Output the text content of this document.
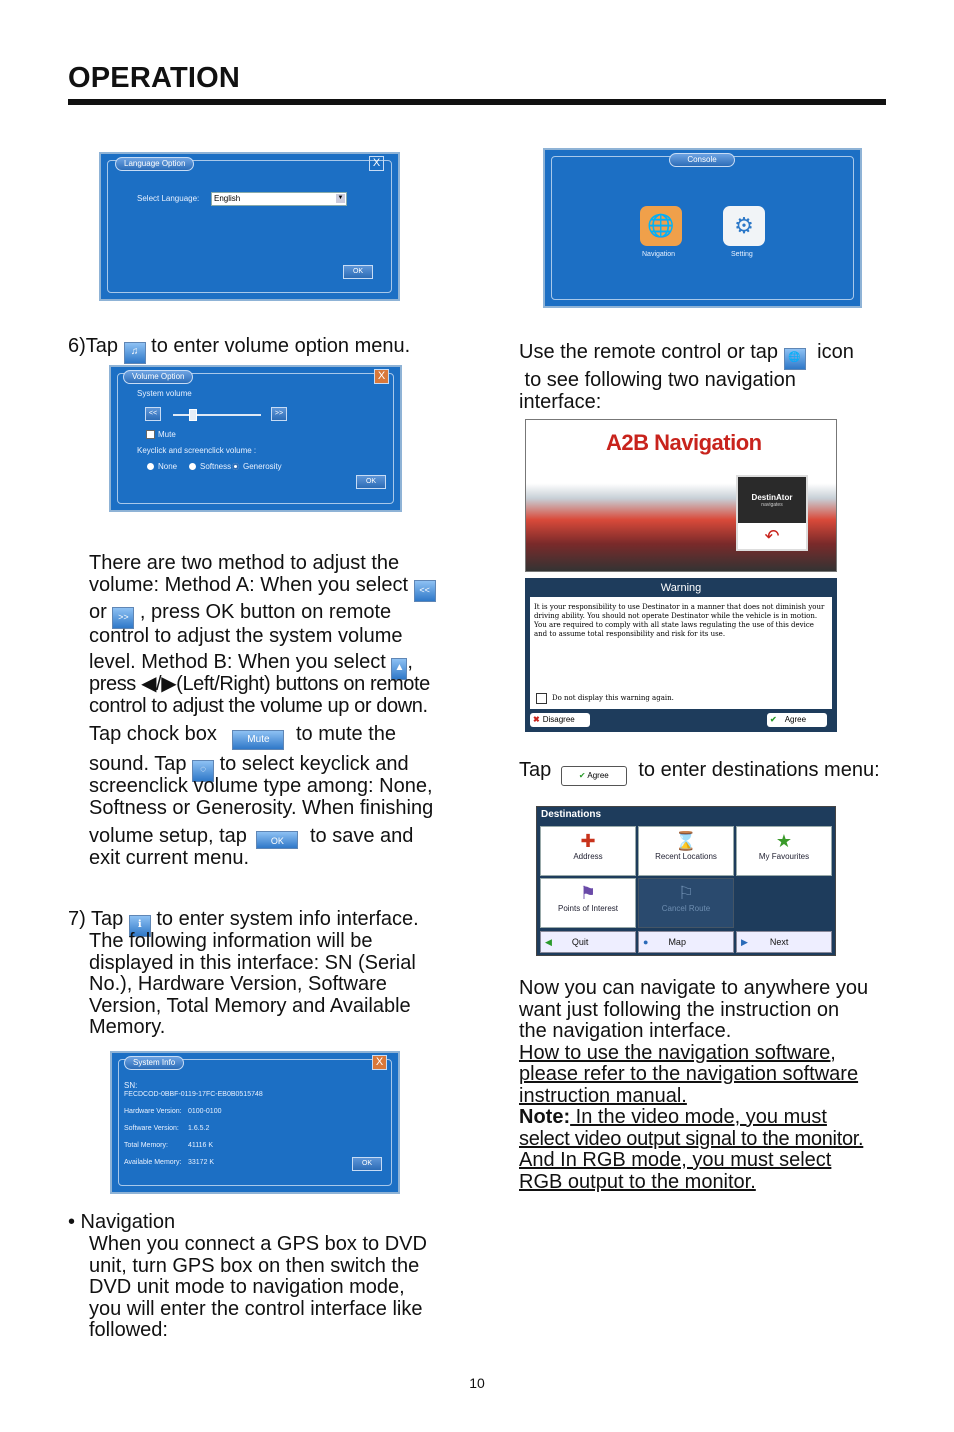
OPERATION
Language Option	X
Select Language:	English	▼
OK
Volume Option	X
System volume
<<	>>
Mute
Keyclick and screenclick volume :
None	Softness Generosity
OK
6)Tap ♫ to enter volume option menu.
There are two method to adjust the
volume: Method A: When you select <<
or >> , press OK button on remote
control to adjust the system volume
level. Method B: When you select ▲ ,
press ◀/▶(Left/Right) buttons on remote
control to adjust the volume up or down.
Tap chock box	Mute to mute the
sound. Tap ◌ to select keyclick and
screenclick volume type among: None,
Softness or Generosity. When finishing
volume setup, tap	OK to save and
exit current menu.
7) Tap ℹ to enter system info interface.
The following information will be
displayed in this interface: SN (Serial
No.), Hardware Version, Software
Version, Total Memory and Available
Memory.
System Info	X
SN:
FECDCOD-0BBF-0119-17FC-EB0B0515748
Hardware Version: 0100-0100
Software Version: 1.6.5.2
Total Memory:	41116 K
Available Memory: 33172 K	OK
• Navigation
When you connect a GPS box to DVD
unit, turn GPS box on then switch the
DVD unit mode to navigation mode,
you will enter the control interface like
followed:
Console
🌐
Navigation
⚙
Setting
Use the remote control or tap 🌐 icon
to see following two navigation
interface:
A2B Navigation
DestinAtor
navigates
↶
Warning
It is your responsibility to use Destinator in a manner that does not diminish your driving ability. You should not operate Destinator while the vehicle is in motion. You are required to comply with all state laws regulating the use of this device and to assume total responsibility and risk for its use.
Do not display this warning again.
✖ Disagree	✔ Agree
Tap	✔ Agree to enter destinations menu:
Destinations
✚
Address
⌛
Recent Locations
★
My Favourites
⚑
Points of Interest
⚐
Cancel Route
◀ Quit	● Map	▶ Next
Now you can navigate to anywhere you
want just following the instruction on
the navigation interface.
How to use the navigation software,
please refer to the navigation software
instruction manual.
Note: In the video mode, you must
select video output signal to the monitor.
And In RGB mode, you must select
RGB output to the monitor.
10
